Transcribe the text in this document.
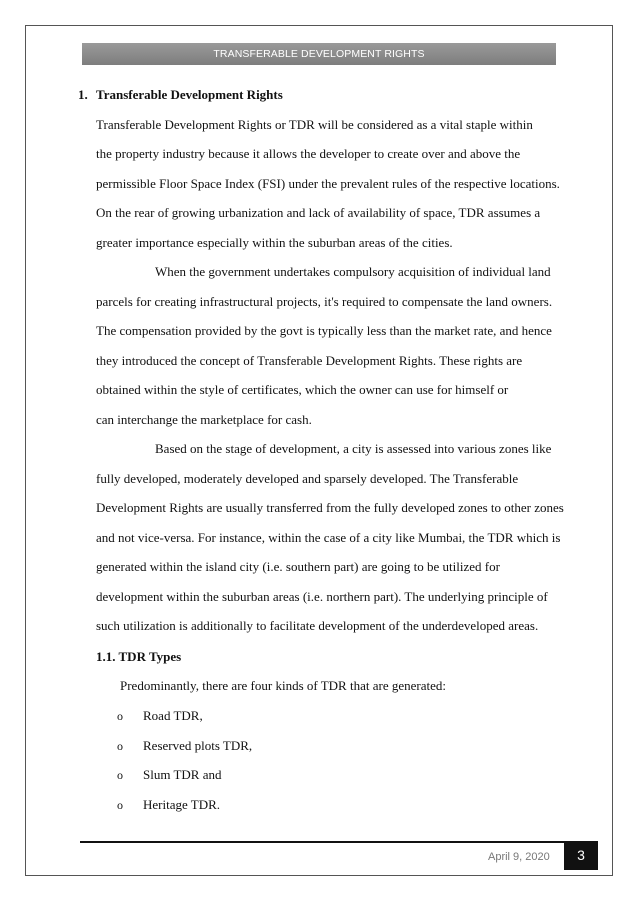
TRANSFERABLE DEVELOPMENT RIGHTS
1. Transferable Development Rights
Transferable Development Rights or TDR will be considered as a vital staple within
the property industry because it allows the developer to create over and above the
permissible Floor Space Index (FSI) under the prevalent rules of the respective locations.
On the rear of growing urbanization and lack of availability of space, TDR assumes a
greater importance especially within the suburban areas of the cities.
When the government undertakes compulsory acquisition of individual land
parcels for creating infrastructural projects, it's required to compensate the land owners.
The compensation provided by the govt is typically less than the market rate, and hence
they introduced the concept of Transferable Development Rights. These rights are
obtained within the style of certificates, which the owner can use for himself or
can interchange the marketplace for cash.
Based on the stage of development, a city is assessed into various zones like
fully developed, moderately developed and sparsely developed. The Transferable
Development Rights are usually transferred from the fully developed zones to other zones
and not vice-versa. For instance, within the case of a city like Mumbai, the TDR which is
generated within the island city (i.e. southern part) are going to be utilized for
development within the suburban areas (i.e. northern part). The underlying principle of
such utilization is additionally to facilitate development of the underdeveloped areas.
1.1. TDR Types
Predominantly, there are four kinds of TDR that are generated:
o Road TDR,
o Reserved plots TDR,
o Slum TDR and
o Heritage TDR.
April 9, 2020	3
